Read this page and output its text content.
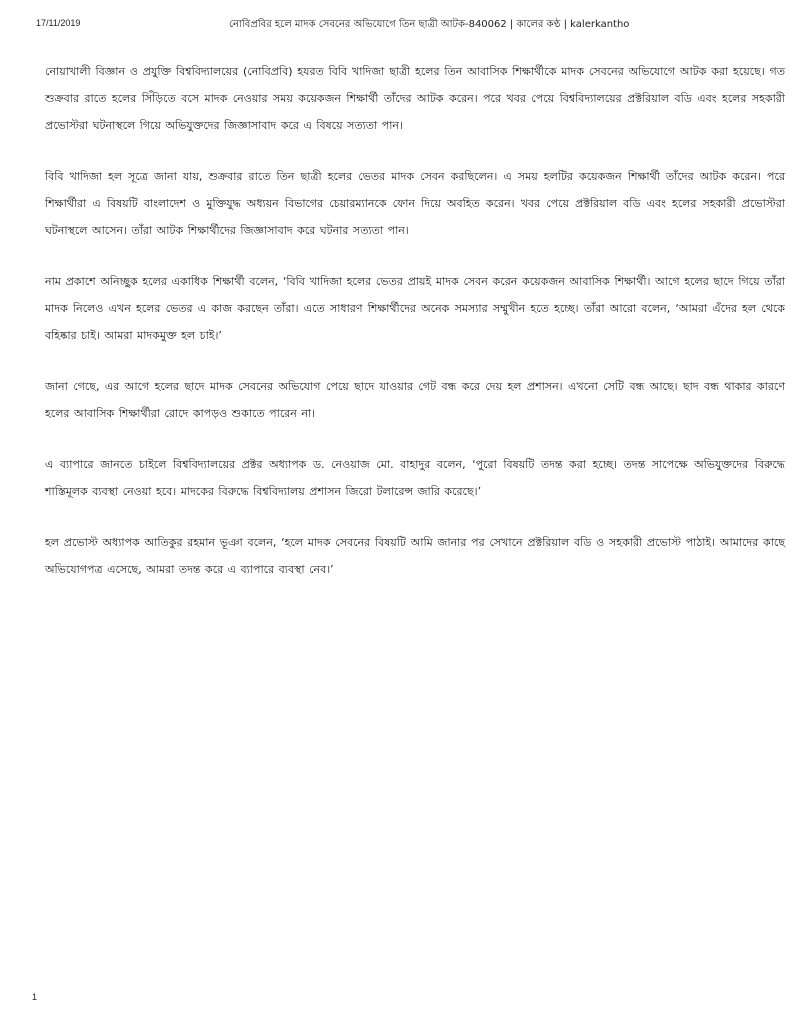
17/11/2019	নোবিপ্রবির হলে মাদক সেবনের অভিযোগে তিন ছাত্রী আটক-840062 | কালের কণ্ঠ | kalerkantho

নোয়াখালী বিজ্ঞান ও প্রযুক্তি বিশ্ববিদ্যালয়ের (নোবিপ্রবি) হযরত বিবি খাদিজা ছাত্রী হলের তিন আবাসিক শিক্ষার্থীকে মাদক সেবনের অভিযোগে আটক করা হয়েছে। গত শুক্রবার রাতে হলের সিঁড়িতে বসে মাদক নেওয়ার সময় কয়েকজন শিক্ষার্থী তাঁদের আটক করেন। পরে খবর পেয়ে বিশ্ববিদ্যালয়ের প্রক্টরিয়াল বডি এবং হলের সহকারী প্রভোস্টরা ঘটনাস্থলে গিয়ে অভিযুক্তদের জিজ্ঞাসাবাদ করে এ বিষয়ে সত্যতা পান।

বিবি খাদিজা হল সূত্রে জানা যায়, শুক্রবার রাতে তিন ছাত্রী হলের ভেতর মাদক সেবন করছিলেন। এ সময় হলটির কয়েকজন শিক্ষার্থী তাঁদের আটক করেন। পরে শিক্ষার্থীরা এ বিষয়টি বাংলাদেশ ও মুক্তিযুদ্ধ অধ্যয়ন বিভাগের চেয়ারম্যানকে ফোন দিয়ে অবহিত করেন। খবর পেয়ে প্রক্টরিয়াল বডি এবং হলের সহকারী প্রভোস্টরা ঘটনাস্থলে আসেন। তাঁরা আটক শিক্ষার্থীদের জিজ্ঞাসাবাদ করে ঘটনার সত্যতা পান।

নাম প্রকাশে অনিচ্ছুক হলের একাধিক শিক্ষার্থী বলেন, ‘বিবি খাদিজা হলের ভেতর প্রায়ই মাদক সেবন করেন কয়েকজন আবাসিক শিক্ষার্থী। আগে হলের ছাদে গিয়ে তাঁরা মাদক নিলেও এখন হলের ভেতর এ কাজ করছেন তাঁরা। এতে সাধারণ শিক্ষার্থীদের অনেক সমস্যার সম্মুখীন হতে হচ্ছে। তাঁরা আরো বলেন, ‘আমরা এঁদের হল থেকে বহিষ্কার চাই। আমরা মাদকমুক্ত হল চাই।’

জানা গেছে, এর আগে হলের ছাদে মাদক সেবনের অভিযোগ পেয়ে ছাদে যাওয়ার গেট বন্ধ করে দেয় হল প্রশাসন। এখনো সেটি বন্ধ আছে। ছাদ বন্ধ থাকার কারণে হলের আবাসিক শিক্ষার্থীরা রোদে কাপড়ও শুকাতে পারেন না।

এ ব্যাপারে জানতে চাইলে বিশ্ববিদ্যালয়ের প্রক্টর অধ্যাপক ড. নেওয়াজ মো. বাহাদুর বলেন, ‘পুরো বিষয়টি তদন্ত করা হচ্ছে। তদন্ত সাপেক্ষে অভিযুক্তদের বিরুদ্ধে শাস্তিমূলক ব্যবস্থা নেওয়া হবে। মাদকের বিরুদ্ধে বিশ্ববিদ্যালয় প্রশাসন জিরো টলারেন্স জারি করেছে।’

হল প্রভোস্ট অধ্যাপক আতিকুর রহমান ভূঞা বলেন, ‘হলে মাদক সেবনের বিষয়টি আমি জানার পর সেখানে প্রক্টরিয়াল বডি ও সহকারী প্রভোস্ট পাঠাই। আমাদের কাছে অভিযোগপত্র এসেছে, আমরা তদন্ত করে এ ব্যাপারে ব্যবস্থা নেব।’

1
